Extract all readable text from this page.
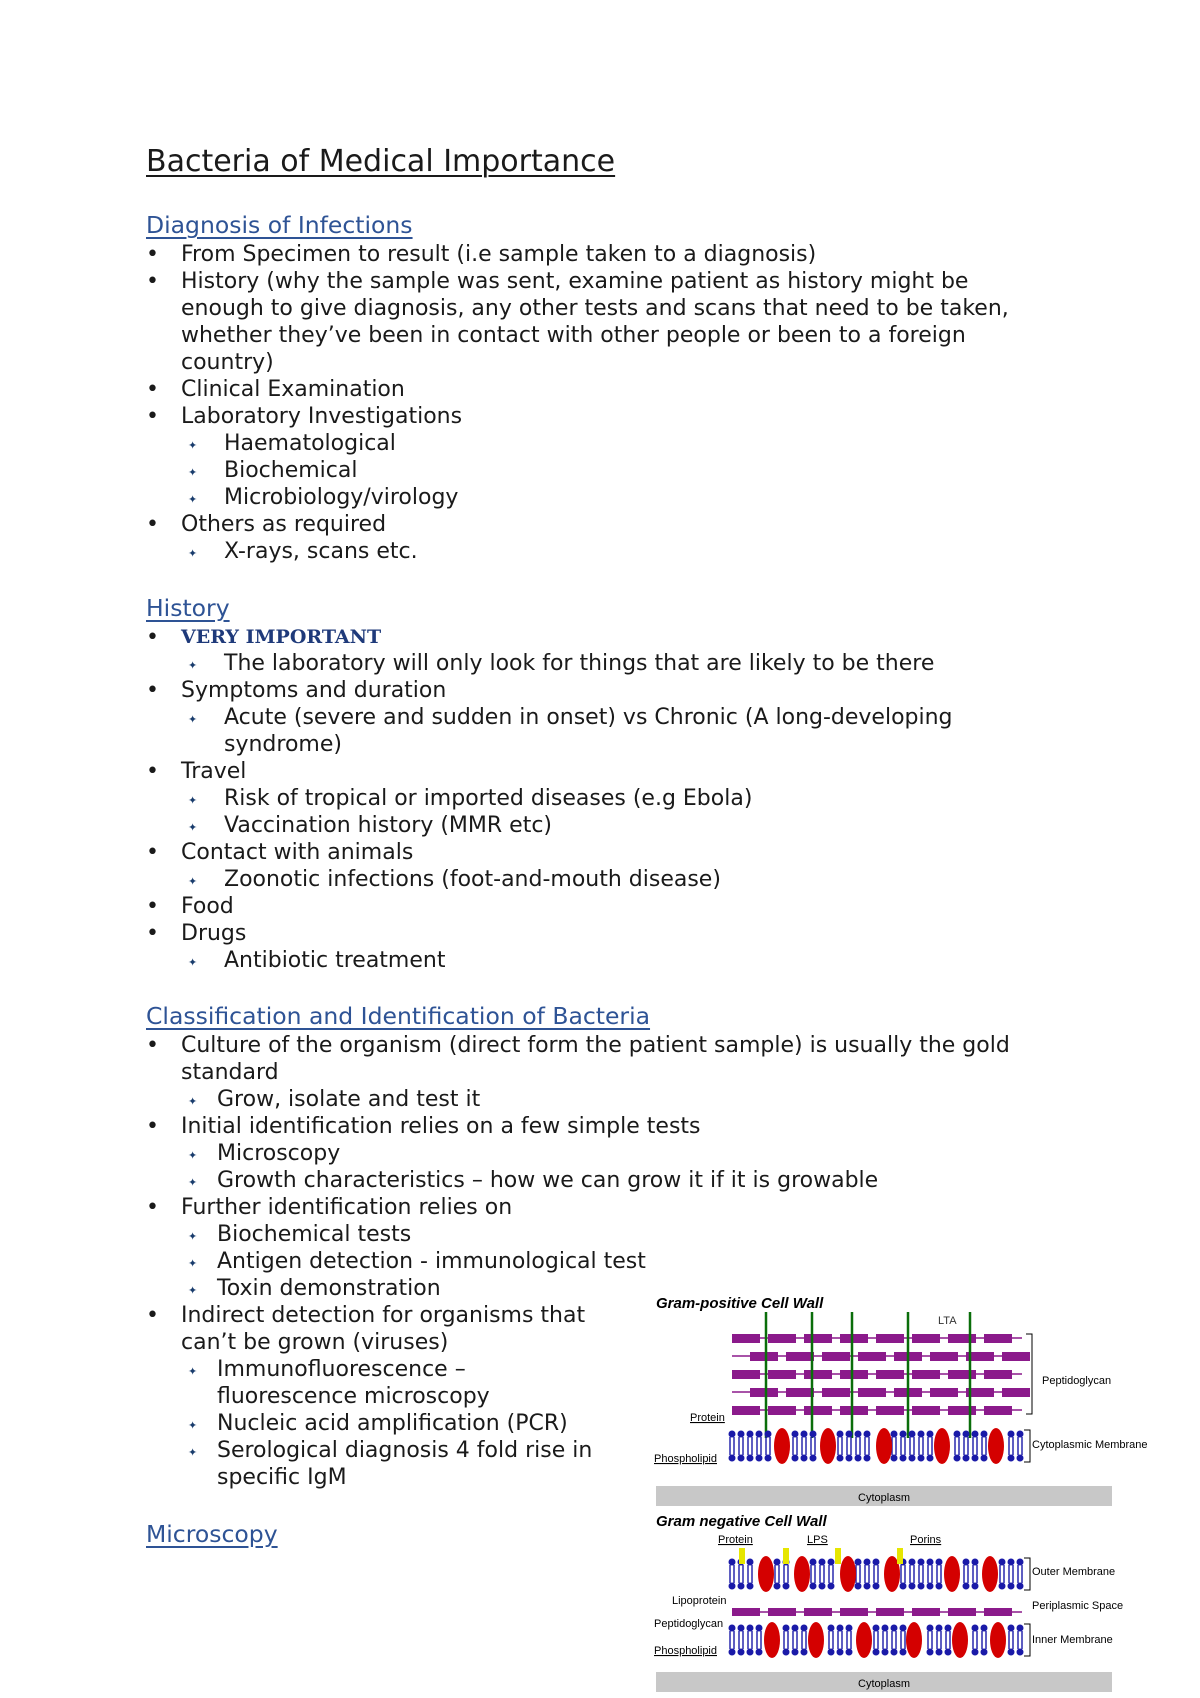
Bacteria of Medical Importance
Diagnosis of Infections
From Specimen to result (i.e sample taken to a diagnosis)
History (why the sample was sent, examine patient as history might be
enough to give diagnosis, any other tests and scans that need to be taken,
whether they’ve been in contact with other people or been to a foreign
country)
Clinical Examination
Laboratory Investigations
Haematological
Biochemical
Microbiology/virology
Others as required
X-rays, scans etc.
History
VERY IMPORTANT
The laboratory will only look for things that are likely to be there
Symptoms and duration
Acute (severe and sudden in onset) vs Chronic (A long-developing
syndrome)
Travel
Risk of tropical or imported diseases (e.g Ebola)
Vaccination history (MMR etc)
Contact with animals
Zoonotic infections (foot-and-mouth disease)
Food
Drugs
Antibiotic treatment
Classification and Identification of Bacteria
Culture of the organism (direct form the patient sample) is usually the gold
standard
Grow, isolate and test it
Initial identification relies on a few simple tests
Microscopy
Growth characteristics – how we can grow it if it is growable
Further identification relies on
Biochemical tests
Antigen detection - immunological test
Toxin demonstration
Indirect detection for organisms that
can’t be grown (viruses)
Immunofluorescence –
fluorescence microscopy
Nucleic acid amplification (PCR)
Serological diagnosis 4 fold rise in
specific IgM
Microscopy
Gram-positive Cell Wall
LTA
Peptidoglycan
Protein
Phospholipid
Cytoplasmic Membrane
Cytoplasm
Gram negative Cell Wall
Protein	LPS	Porins
Outer Membrane
Lipoprotein	Periplasmic Space
Peptidoglycan
Phospholipid
Inner Membrane
Cytoplasm
